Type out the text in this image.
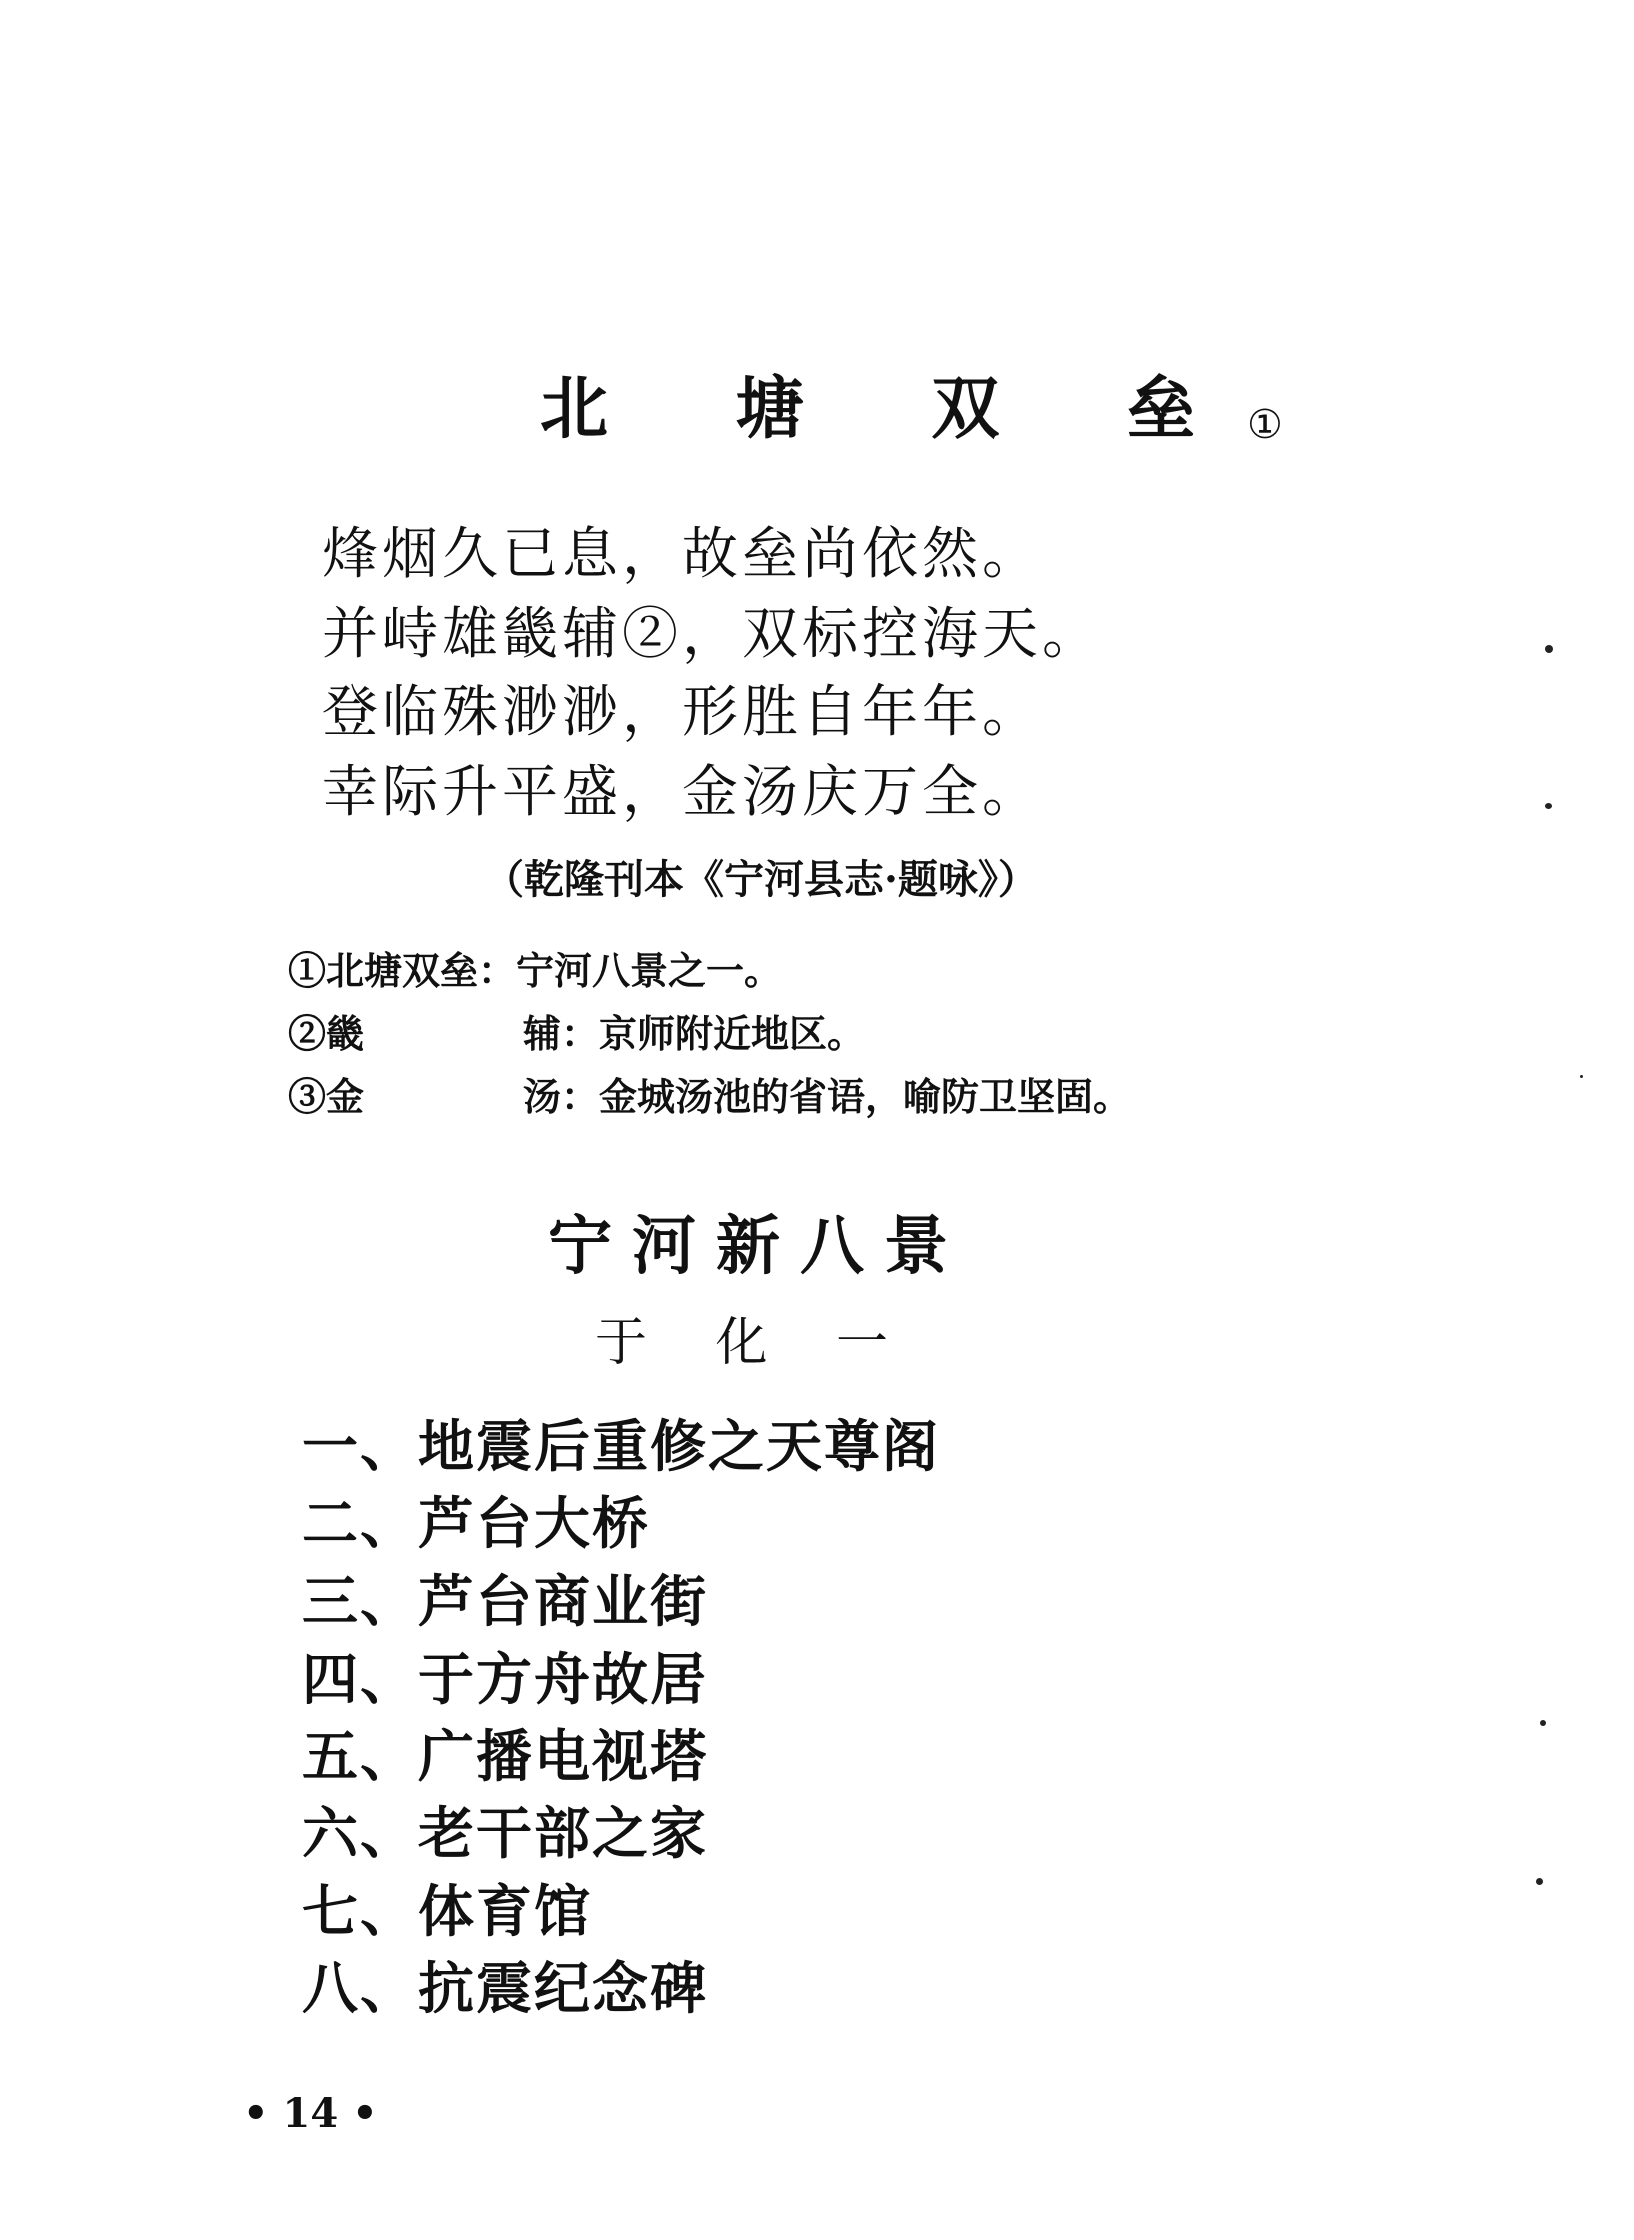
北 塘 双 垒①
烽烟久已息，故垒尚依然。
并峙雄畿辅②，双标控海天。
登临殊渺渺，形胜自年年。
幸际升平盛，金汤庆万全。
（乾隆刊本《宁河县志·题咏》）
①北塘双垒：宁河八景之一。
②畿	辅：京师附近地区。
③金	汤：金城汤池的省语，喻防卫坚固。
宁河新八景
于 化 一
一、地震后重修之天尊阁
二、芦台大桥
三、芦台商业街
四、于方舟故居
五、广播电视塔
六、老干部之家
七、体育馆
八、抗震纪念碑
• 14 •
